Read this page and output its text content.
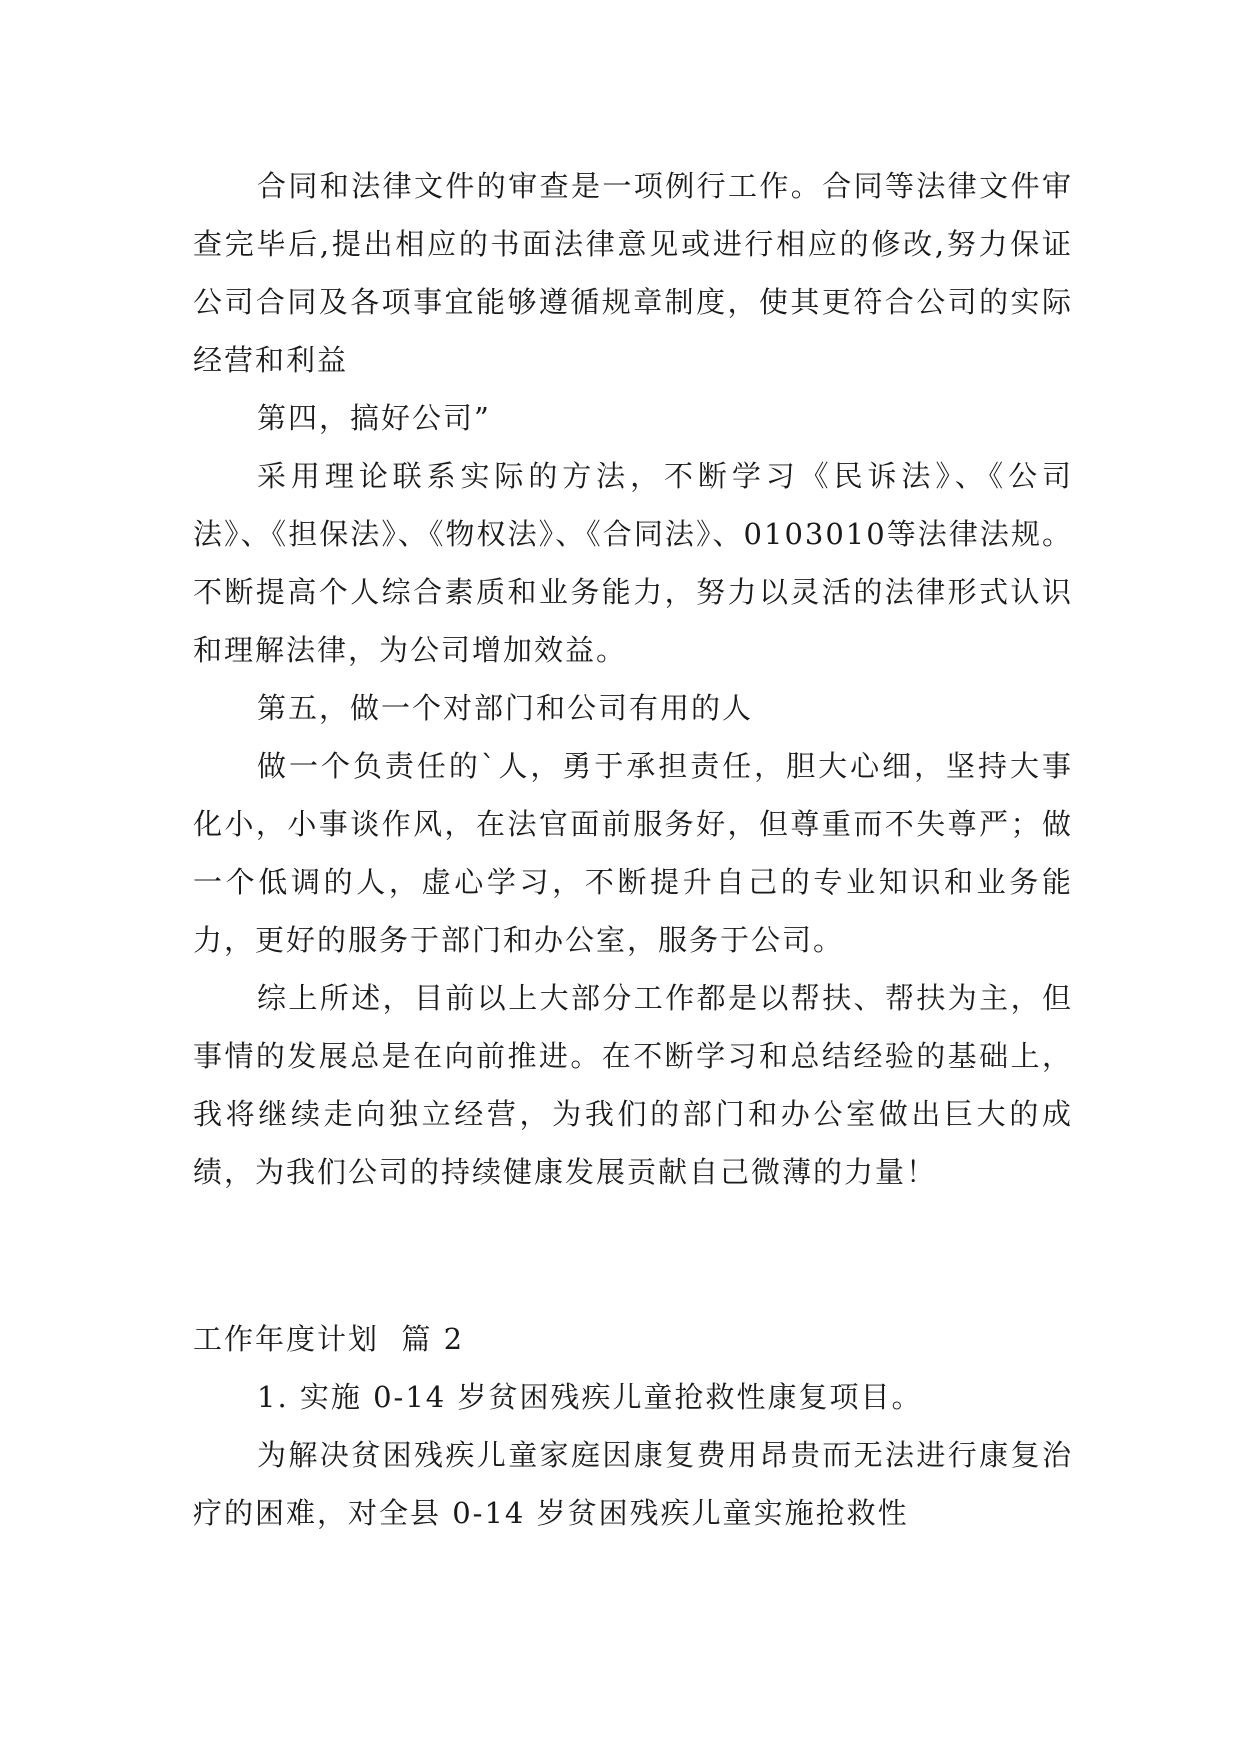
合同和法律文件的审查是一项例行工作。合同等法律文件审查完毕后,提出相应的书面法律意见或进行相应的修改,努力保证公司合同及各项事宜能够遵循规章制度，使其更符合公司的实际经营和利益

第四，搞好公司”

采用理论联系实际的方法，不断学习《民诉法》、《公司法》、《担保法》、《物权法》、《合同法》、0103010等法律法规。不断提高个人综合素质和业务能力，努力以灵活的法律形式认识和理解法律，为公司增加效益。

第五，做一个对部门和公司有用的人

做一个负责任的`人，勇于承担责任，胆大心细，坚持大事化小，小事谈作风，在法官面前服务好，但尊重而不失尊严；做一个低调的人，虚心学习，不断提升自己的专业知识和业务能力，更好的服务于部门和办公室，服务于公司。

综上所述，目前以上大部分工作都是以帮扶、帮扶为主，但事情的发展总是在向前推进。在不断学习和总结经验的基础上，我将继续走向独立经营，为我们的部门和办公室做出巨大的成绩，为我们公司的持续健康发展贡献自己微薄的力量！

工作年度计划  篇 2

1. 实施 0-14 岁贫困残疾儿童抢救性康复项目。

为解决贫困残疾儿童家庭因康复费用昂贵而无法进行康复治疗的困难，对全县 0-14 岁贫困残疾儿童实施抢救性
